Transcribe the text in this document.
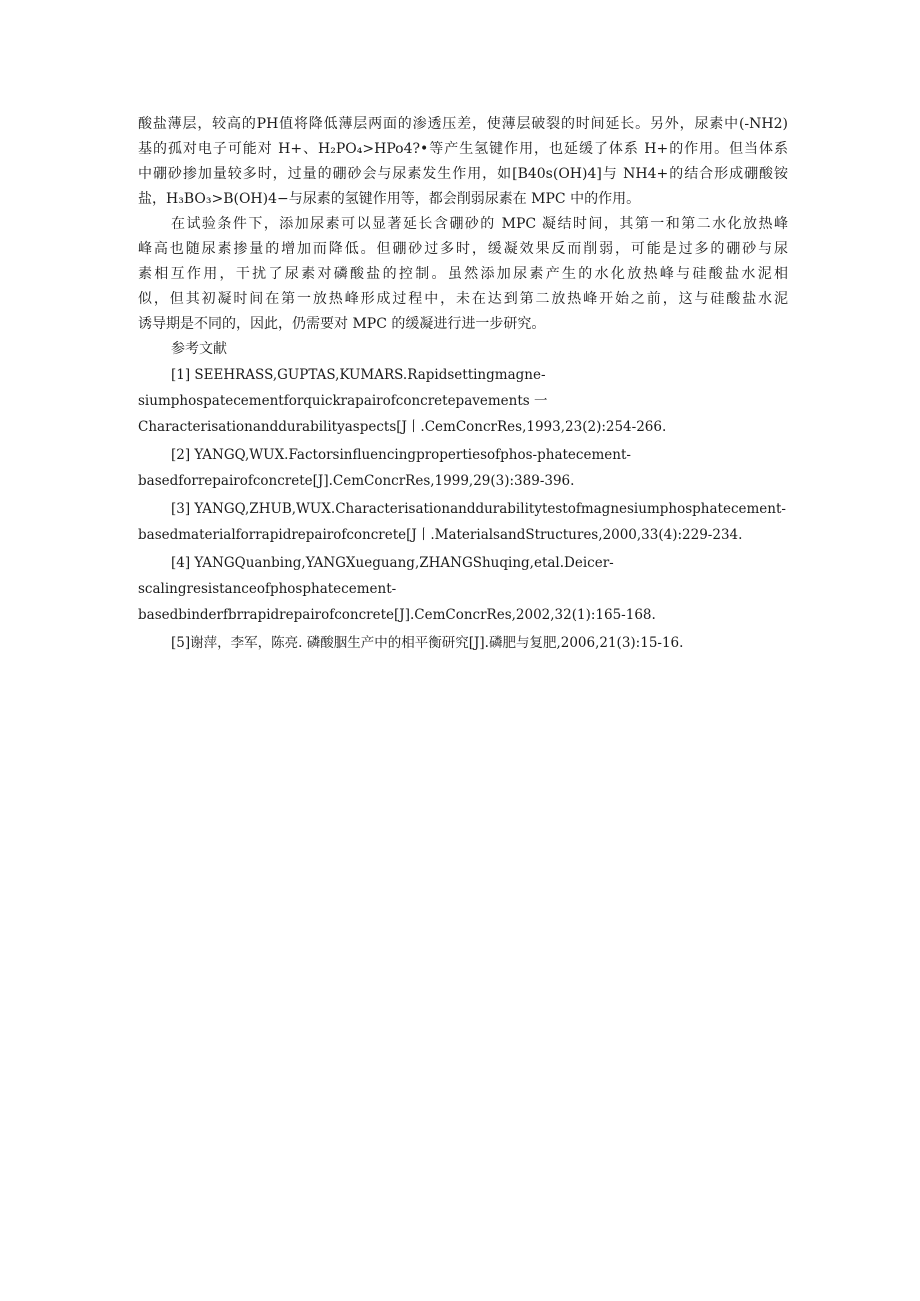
酸盐薄层，较高的PH值将降低薄层两面的渗透压差，使薄层破裂的时间延长。另外，尿素中(-NH2)
基的孤对电子可能对 H+、H₂PO₄>HPo4?•等产生氢键作用，也延缓了体系 H+的作用。但当体系
中硼砂掺加量较多时，过量的硼砂会与尿素发生作用，如[B40s(OH)4]与 NH4+的结合形成硼酸铵
盐，H₃BO₃>B(OH)4−与尿素的氢键作用等，都会削弱尿素在 MPC 中的作用。
在试验条件下，添加尿素可以显著延长含硼砂的 MPC 凝结时间，其第一和第二水化放热峰
峰高也随尿素掺量的增加而降低。但硼砂过多时，缓凝效果反而削弱，可能是过多的硼砂与尿
素相互作用，干扰了尿素对磷酸盐的控制。虽然添加尿素产生的水化放热峰与硅酸盐水泥相
似，但其初凝时间在第一放热峰形成过程中，未在达到第二放热峰开始之前，这与硅酸盐水泥
诱导期是不同的，因此，仍需要对 MPC 的缓凝进行进一步研究。
参考文献
[1] SEEHRASS,GUPTAS,KUMARS.Rapidsettingmagne-
siumphospatecementforquickrapairofconcretepavements 一
Characterisationanddurabilityaspects[J丨.CemConcrRes,1993,23(2):254-266.
[2] YANGQ,WUX.Factorsinfluencingpropertiesofphos-phatecement-
basedforrepairofconcrete[J].CemConcrRes,1999,29(3):389-396.
[3] YANGQ,ZHUB,WUX.Characterisationanddurabilitytestofmagnesiumphosphatecement-
basedmaterialforrapidrepairofconcrete[J丨.MaterialsandStructures,2000,33(4):229-234.
[4] YANGQuanbing,YANGXueguang,ZHANGShuqing,etal.Deicer-
scalingresistanceofphosphatecement-
basedbinderfbrrapidrepairofconcrete[J].CemConcrRes,2002,32(1):165-168.
[5]谢萍，李军，陈亮. 磷酸胭生产中的相平衡研究[J].磷肥与复肥,2006,21(3):15-16.
